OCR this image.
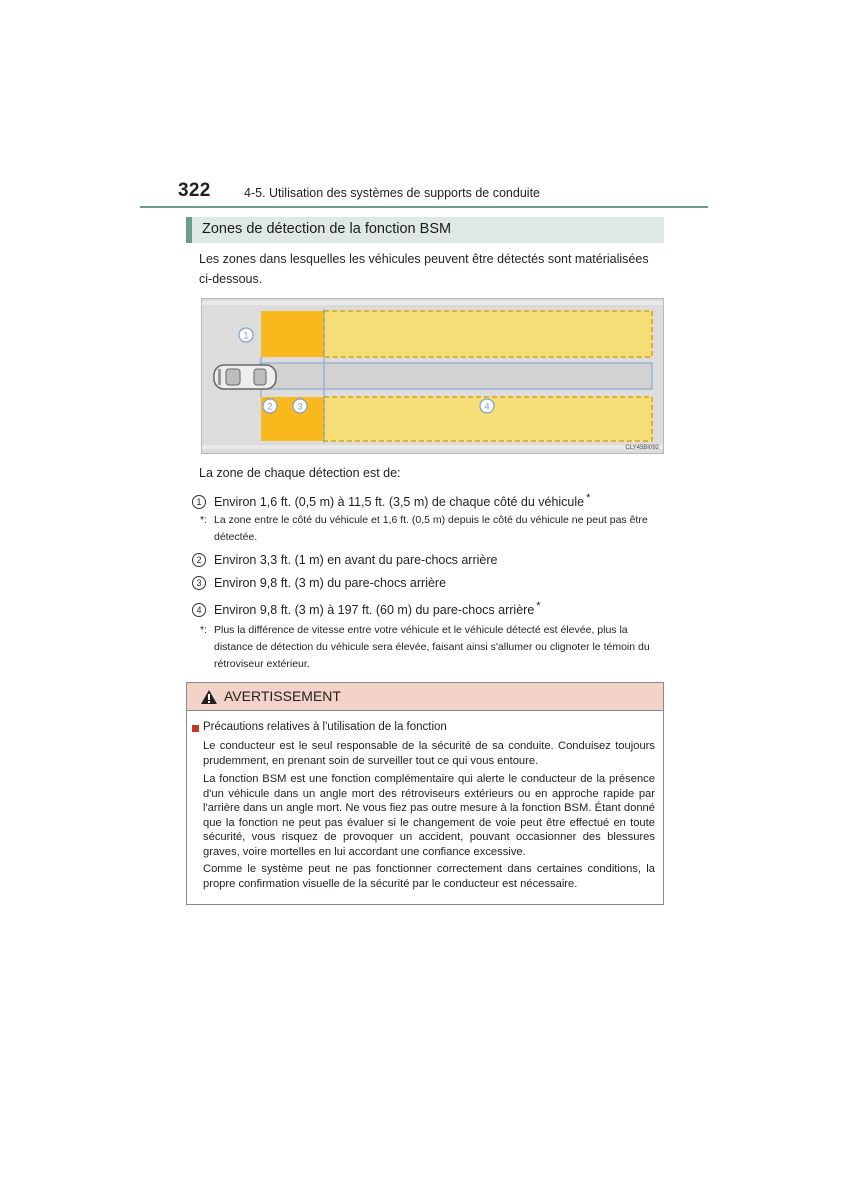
322	4-5. Utilisation des systèmes de supports de conduite
Zones de détection de la fonction BSM
Les zones dans lesquelles les véhicules peuvent être détectés sont matérialisées ci-dessous.
1
2	3	4
CLY45BI092
La zone de chaque détection est de:
1 Environ 1,6 ft. (0,5 m) à 11,5 ft. (3,5 m) de chaque côté du véhicule *
*: La zone entre le côté du véhicule et 1,6 ft. (0,5 m) depuis le côté du véhicule ne peut pas être détectée.
2 Environ 3,3 ft. (1 m) en avant du pare-chocs arrière
3 Environ 9,8 ft. (3 m) du pare-chocs arrière
4 Environ 9,8 ft. (3 m) à 197 ft. (60 m) du pare-chocs arrière *
*: Plus la différence de vitesse entre votre véhicule et le véhicule détecté est élevée, plus la distance de détection du véhicule sera élevée, faisant ainsi s'allumer ou clignoter le témoin du rétroviseur extérieur.
AVERTISSEMENT
Précautions relatives à l'utilisation de la fonction
Le conducteur est le seul responsable de la sécurité de sa conduite. Conduisez toujours prudemment, en prenant soin de surveiller tout ce qui vous entoure.
La fonction BSM est une fonction complémentaire qui alerte le conducteur de la présence d'un véhicule dans un angle mort des rétroviseurs extérieurs ou en approche rapide par l'arrière dans un angle mort. Ne vous fiez pas outre mesure à la fonction BSM. Étant donné que la fonction ne peut pas évaluer si le changement de voie peut être effectué en toute sécurité, vous risquez de provoquer un accident, pouvant occasionner des blessures graves, voire mortelles en lui accordant une confiance excessive.
Comme le système peut ne pas fonctionner correctement dans certaines conditions, la propre confirmation visuelle de la sécurité par le conducteur est nécessaire.
